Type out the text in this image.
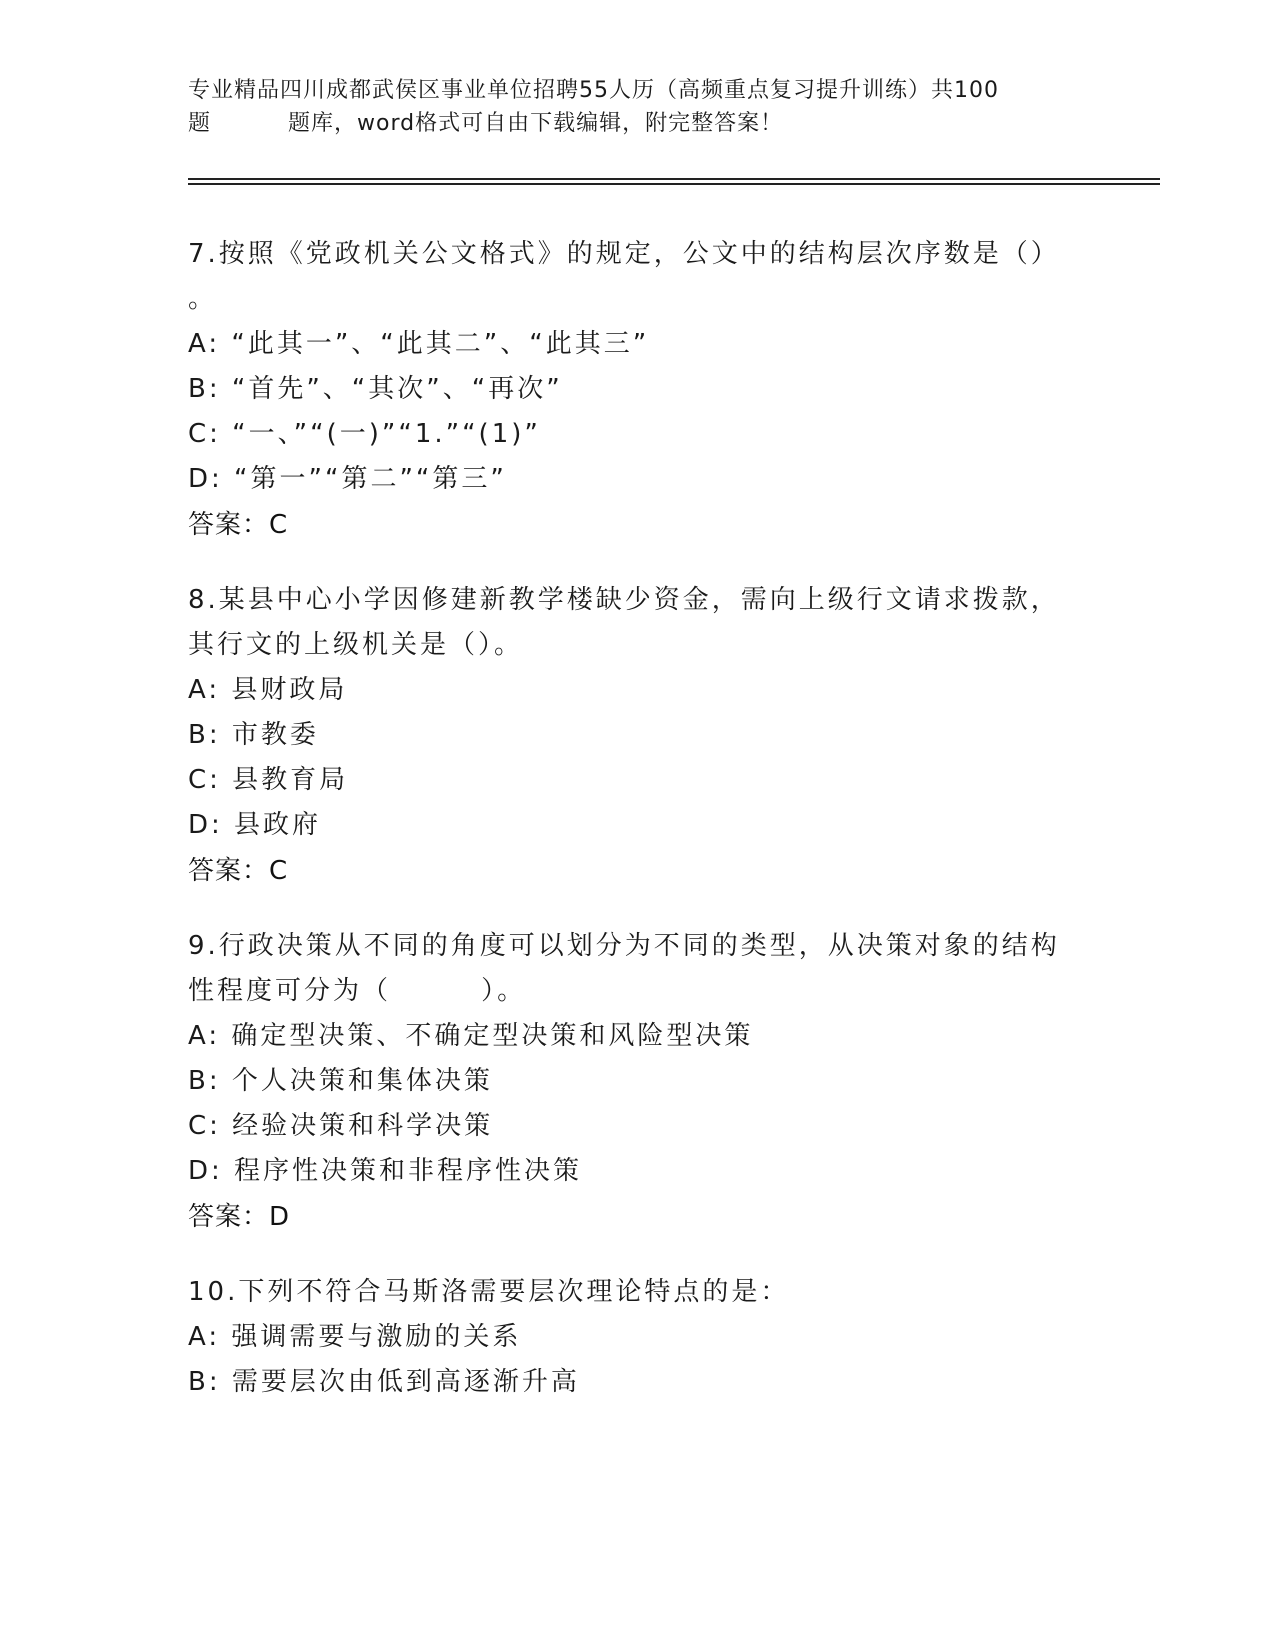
专业精品四川成都武侯区事业单位招聘55人历（高频重点复习提升训练）共100
题	题库，word格式可自由下载编辑，附完整答案！
7.按照《党政机关公文格式》的规定，公文中的结构层次序数是（）
。
A: “此其一”、“此其二”、“此其三”
B: “首先”、“其次”、“再次”
C: “一、”“(一)”“1.”“(1)”
D: “第一”“第二”“第三”
答案：C
8.某县中心小学因修建新教学楼缺少资金，需向上级行文请求拨款，
其行文的上级机关是（）。
A: 县财政局
B: 市教委
C: 县教育局
D: 县政府
答案：C
9.行政决策从不同的角度可以划分为不同的类型，从决策对象的结构
性程度可分为（        ）。
A: 确定型决策、不确定型决策和风险型决策
B: 个人决策和集体决策
C: 经验决策和科学决策
D: 程序性决策和非程序性决策
答案：D
10.下列不符合马斯洛需要层次理论特点的是：
A: 强调需要与激励的关系
B: 需要层次由低到高逐渐升高
